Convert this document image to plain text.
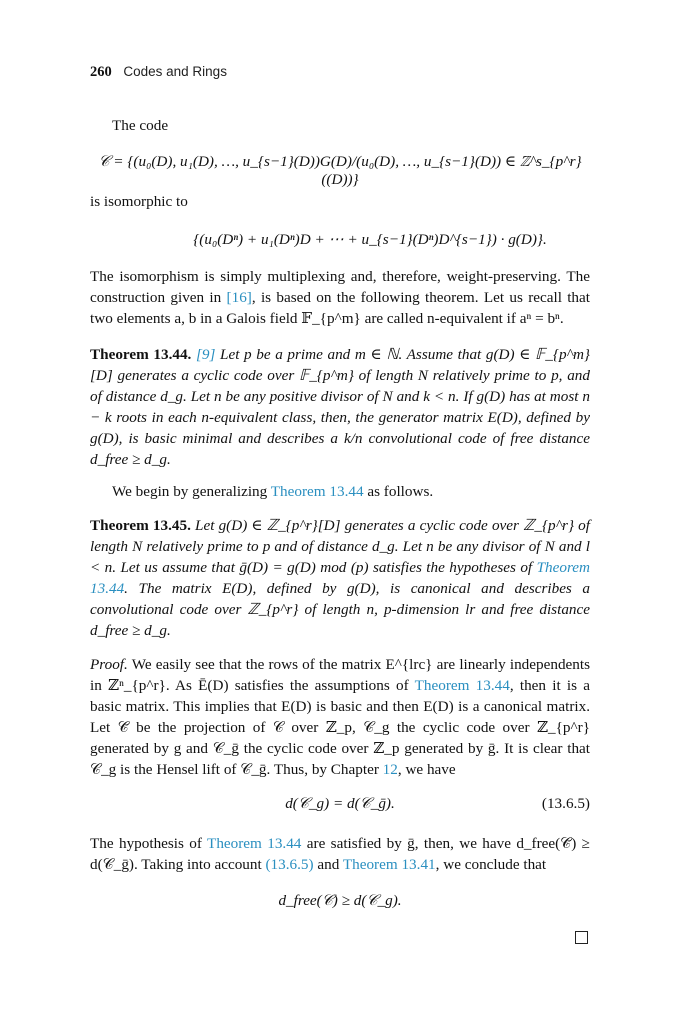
260 Codes and Rings
The code
𝒞 = {(u₀(D), u₁(D), …, u_{s−1}(D))G(D)/(u₀(D), …, u_{s−1}(D)) ∈ ℤ^s_{p^r}((D))}
is isomorphic to
{(u₀(Dⁿ) + u₁(Dⁿ)D + ⋯ + u_{s−1}(Dⁿ)D^{s−1}) · g(D)}.
The isomorphism is simply multiplexing and, therefore, weight-preserving. The construction given in [16], is based on the following theorem. Let us recall that two elements a, b in a Galois field 𝔽_{p^m} are called n-equivalent if aⁿ = bⁿ.
Theorem 13.44. [9] Let p be a prime and m ∈ ℕ. Assume that g(D) ∈ 𝔽_{p^m}[D] generates a cyclic code over 𝔽_{p^m} of length N relatively prime to p, and of distance d_g. Let n be any positive divisor of N and k < n. If g(D) has at most n − k roots in each n-equivalent class, then, the generator matrix E(D), defined by g(D), is basic minimal and describes a k/n convolutional code of free distance d_free ≥ d_g.
We begin by generalizing Theorem 13.44 as follows.
Theorem 13.45. Let g(D) ∈ ℤ_{p^r}[D] generates a cyclic code over ℤ_{p^r} of length N relatively prime to p and of distance d_g. Let n be any divisor of N and l < n. Let us assume that ḡ(D) = g(D) mod (p) satisfies the hypotheses of Theorem 13.44. The matrix E(D), defined by g(D), is canonical and describes a convolutional code over ℤ_{p^r} of length n, p-dimension lr and free distance d_free ≥ d_g.
Proof. We easily see that the rows of the matrix E^{lrc} are linearly independents in ℤⁿ_{p^r}. As Ē(D) satisfies the assumptions of Theorem 13.44, then it is a basic matrix. This implies that E(D) is basic and then E(D) is a canonical matrix. Let 𝒞̄ be the projection of 𝒞 over ℤ_p, 𝒞_g the cyclic code over ℤ_{p^r} generated by g and 𝒞_ḡ the cyclic code over ℤ_p generated by ḡ. It is clear that 𝒞_g is the Hensel lift of 𝒞_ḡ. Thus, by Chapter 12, we have
d(𝒞_g) = d(𝒞_ḡ).	(13.6.5)
The hypothesis of Theorem 13.44 are satisfied by ḡ, then, we have d_free(𝒞̄) ≥ d(𝒞_ḡ). Taking into account (13.6.5) and Theorem 13.41, we conclude that
d_free(𝒞) ≥ d(𝒞_g).
